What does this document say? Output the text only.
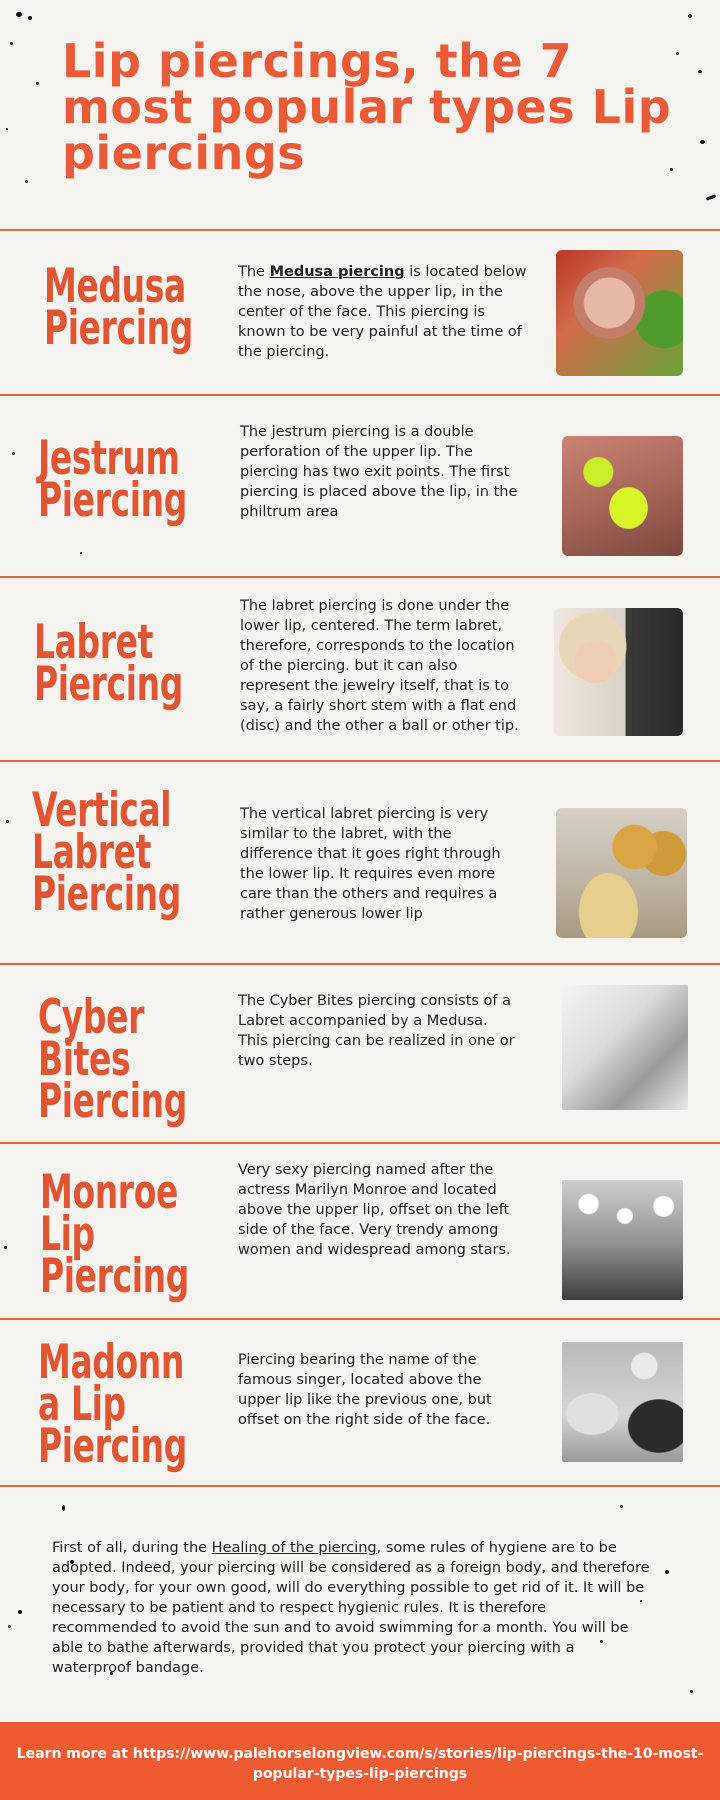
Lip piercings, the 7 most popular types Lip piercings
Medusa Piercing

The Medusa piercing is located below the nose, above the upper lip, in the center of the face. This piercing is known to be very painful at the time of the piercing.

Jestrum Piercing

The jestrum piercing is a double perforation of the upper lip. The piercing has two exit points. The first piercing is placed above the lip, in the philtrum area

Labret Piercing

The labret piercing is done under the lower lip, centered. The term labret, therefore, corresponds to the location of the piercing. but it can also represent the jewelry itself, that is to say, a fairly short stem with a flat end (disc) and the other a ball or other tip.

Vertical Labret Piercing

The vertical labret piercing is very similar to the labret, with the difference that it goes right through the lower lip. It requires even more care than the others and requires a rather generous lower lip

Cyber Bites Piercing

The Cyber Bites piercing consists of a Labret accompanied by a Medusa. This piercing can be realized in one or two steps.

Monroe Lip Piercing

Very sexy piercing named after the actress Marilyn Monroe and located above the upper lip, offset on the left side of the face. Very trendy among women and widespread among stars.

Madonn a Lip Piercing

Piercing bearing the name of the famous singer, located above the upper lip like the previous one, but offset on the right side of the face.

First of all, during the Healing of the piercing, some rules of hygiene are to be adopted. Indeed, your piercing will be considered as a foreign body, and therefore your body, for your own good, will do everything possible to get rid of it. It will be necessary to be patient and to respect hygienic rules. It is therefore recommended to avoid the sun and to avoid swimming for a month. You will be able to bathe afterwards, provided that you protect your piercing with a waterproof bandage.

Learn more at https://www.palehorselongview.com/s/stories/lip-piercings-the-10-most-popular-types-lip-piercings
